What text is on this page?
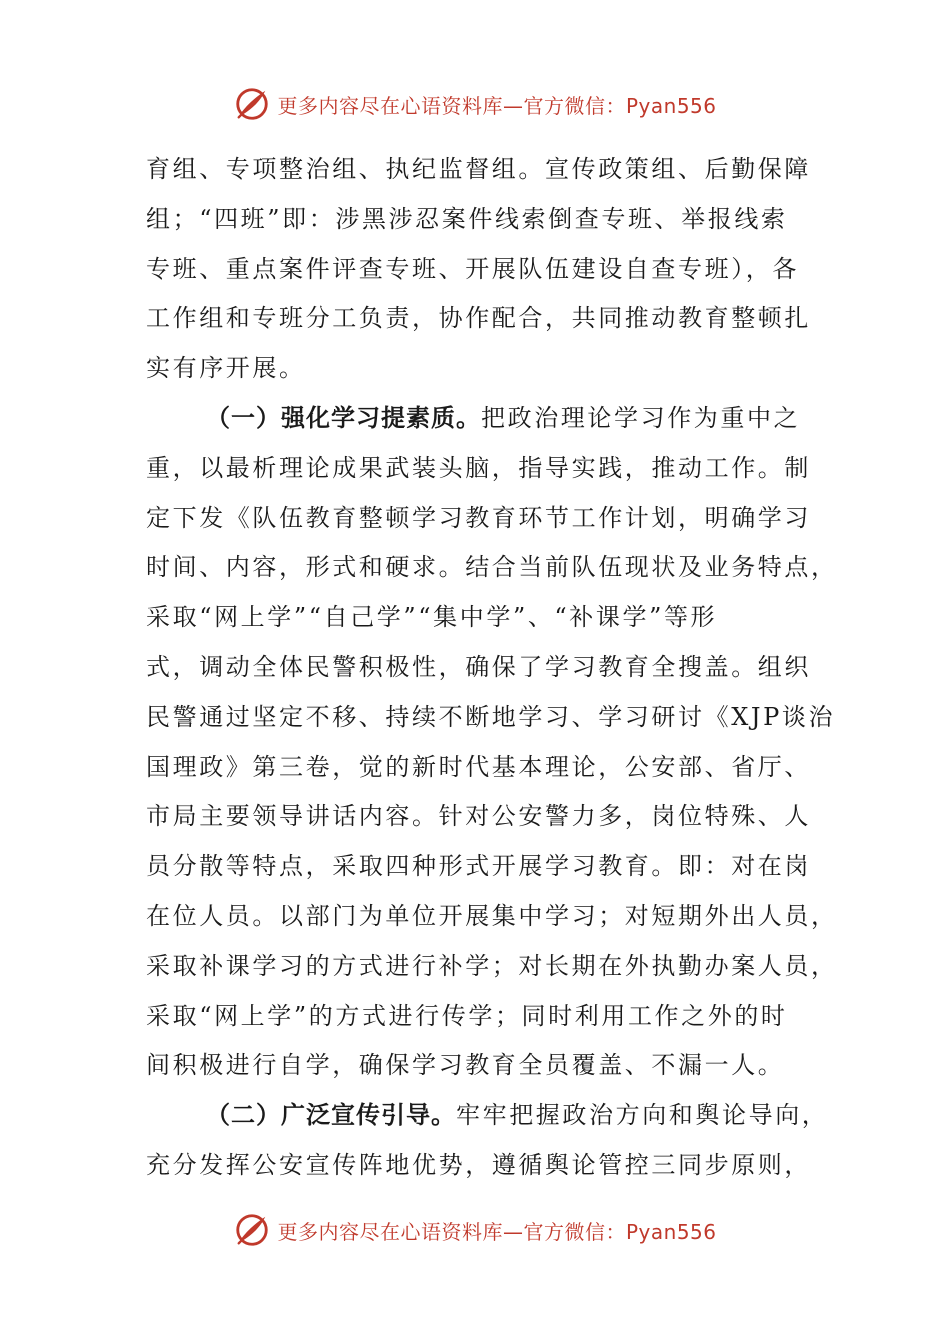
更多内容尽在心语资料库—官方微信：Pyan556
育组、专项整治组、执纪监督组。宣传政策组、后勤保障
组；“四班”即：涉黑涉忍案件线索倒查专班、举报线索
专班、重点案件评查专班、开展队伍建设自查专班），各
工作组和专班分工负责，协作配合，共同推动教育整顿扎
实有序开展。
（一）强化学习提素质。把政治理论学习作为重中之
重，以最析理论成果武装头脑，指导实践，推动工作。制
定下发《队伍教育整顿学习教育环节工作计划，明确学习
时间、内容，形式和硬求。结合当前队伍现状及业务特点，
采取“网上学”“自己学”“集中学”、“补课学”等形
式，调动全体民警积极性，确保了学习教育全搜盖。组织
民警通过坚定不移、持续不断地学习、学习研讨《XJP谈治
国理政》第三卷，觉的新时代基本理论，公安部、省厅、
市局主要领导讲话内容。针对公安警力多，岗位特殊、人
员分散等特点，采取四种形式开展学习教育。即：对在岗
在位人员。以部门为单位开展集中学习；对短期外出人员，
采取补课学习的方式进行补学；对长期在外执勤办案人员，
采取“网上学”的方式进行传学；同时利用工作之外的时
间积极进行自学，确保学习教育全员覆盖、不漏一人。
（二）广泛宣传引导。牢牢把握政治方向和舆论导向，
充分发挥公安宣传阵地优势，遵循舆论管控三同步原则，
更多内容尽在心语资料库—官方微信：Pyan556
